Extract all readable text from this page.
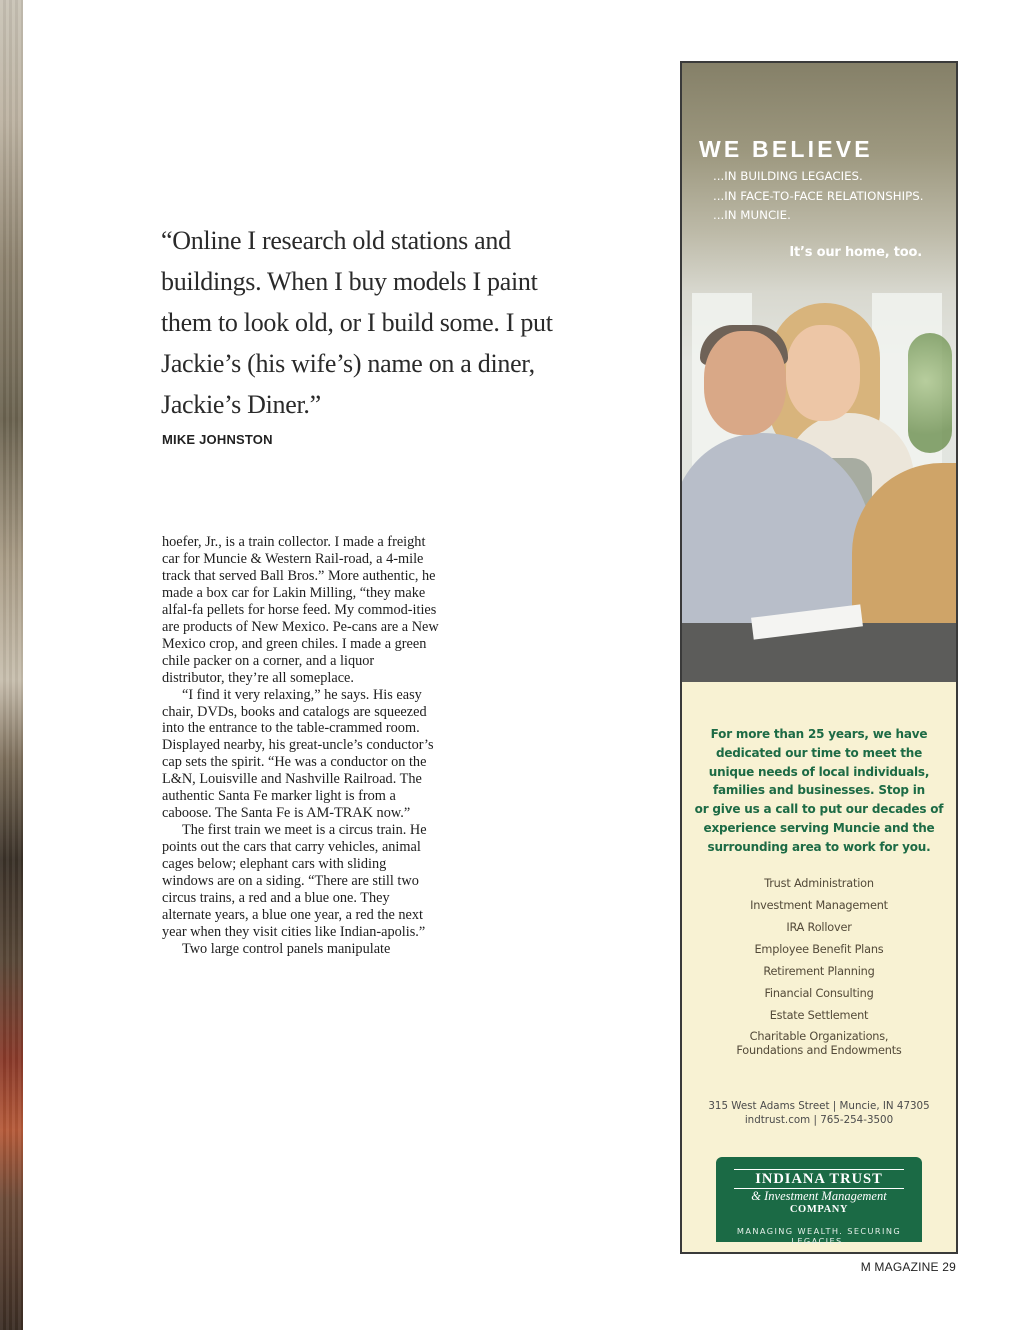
“Online I research old stations and
buildings. When I buy models I paint
them to look old, or I build some. I put
Jackie’s (his wife’s) name on a diner,
Jackie’s Diner.”
MIKE JOHNSTON

hoefer, Jr., is a train collector. I made a freight car for Muncie & Western Rail-road, a 4-mile track that served Ball Bros.” More authentic, he made a box car for Lakin Milling, “they make alfal-fa pellets for horse feed. My commod-ities are products of New Mexico. Pe-cans are a New Mexico crop, and green chiles. I made a green chile packer on a corner, and a liquor distributor, they’re all someplace.

“I find it very relaxing,” he says. His easy chair, DVDs, books and catalogs are squeezed into the entrance to the table-crammed room. Displayed nearby, his great-uncle’s conductor’s cap sets the spirit. “He was a conductor on the L&N, Louisville and Nashville Railroad. The authentic Santa Fe marker light is from a caboose. The Santa Fe is AM-TRAK now.”

The first train we meet is a circus train. He points out the cars that carry vehicles, animal cages below; elephant cars with sliding windows are on a siding. “There are still two circus trains, a red and a blue one. They alternate years, a blue one year, a red the next year when they visit cities like Indian-apolis.”

Two large control panels manipulate

WE BELIEVE
...IN BUILDING LEGACIES.
...IN FACE-TO-FACE RELATIONSHIPS.
...IN MUNCIE.
It’s our home, too.
For more than 25 years, we have
dedicated our time to meet the
unique needs of local individuals,
families and businesses. Stop in
or give us a call to put our decades of
experience serving Muncie and the
surrounding area to work for you.
Trust Administration
Investment Management
IRA Rollover
Employee Benefit Plans
Retirement Planning
Financial Consulting
Estate Settlement
Charitable Organizations,
Foundations and Endowments
315 West Adams Street | Muncie, IN 47305
indtrust.com | 765-254-3500
INDIANA TRUST
& Investment Management
COMPANY
MANAGING WEALTH. SECURING LEGACIES.
M MAGAZINE 29
